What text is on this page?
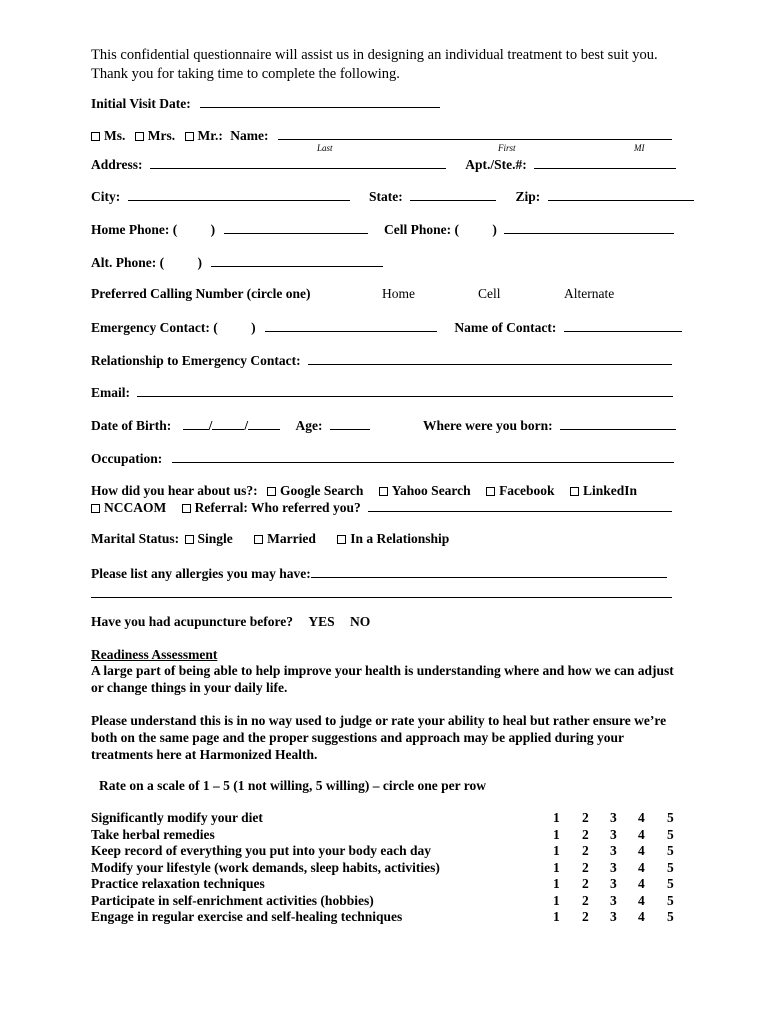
This confidential questionnaire will assist us in designing an individual treatment to best suit you. Thank you for taking time to complete the following.
Initial Visit Date:
Ms. Mrs. Mr.: Name:
Last	First	MI
Address:	Apt./Ste.#:
City:	State:	Zip:
Home Phone: ( )	Cell Phone: ( )
Alt. Phone: ( )
Preferred Calling Number (circle one)	Home	Cell	Alternate
Emergency Contact: ( )	Name of Contact:
Relationship to Emergency Contact:
Email:
Date of Birth:	/ /	Age:	Where were you born:
Occupation:
How did you hear about us?: Google Search Yahoo Search Facebook LinkedIn
NCCAOM Referral: Who referred you?
Marital Status: Single	Married	In a Relationship
Please list any allergies you may have:
Have you had acupuncture before? YES NO
Readiness Assessment
A large part of being able to help improve your health is understanding where and how we can adjust or change things in your daily life.
Please understand this is in no way used to judge or rate your ability to heal but rather ensure we’re both on the same page and the proper suggestions and approach may be applied during your treatments here at Harmonized Health.
Rate on a scale of 1 – 5 (1 not willing, 5 willing) – circle one per row
Significantly modify your diet	1 2 3 4 5
Take herbal remedies	1 2 3 4 5
Keep record of everything you put into your body each day	1 2 3 4 5
Modify your lifestyle (work demands, sleep habits, activities)	1 2 3 4 5
Practice relaxation techniques	1 2 3 4 5
Participate in self-enrichment activities (hobbies)	1 2 3 4 5
Engage in regular exercise and self-healing techniques	1 2 3 4 5
